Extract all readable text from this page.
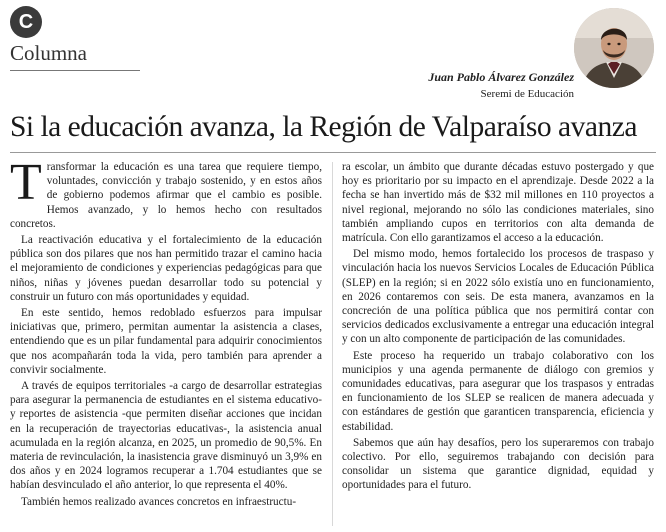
C
Columna
Juan Pablo Álvarez González
Seremi de Educación
Si la educación avanza, la Región de Valparaíso avanza

Transformar la educación es una tarea que requiere tiempo, voluntades, convicción y trabajo sostenido, y en estos años de gobierno podemos afirmar que el cambio es posible. Hemos avanzado, y lo hemos hecho con resultados concretos.

La reactivación educativa y el fortalecimiento de la educación pública son dos pilares que nos han permitido trazar el camino hacia el mejoramiento de condiciones y experiencias pedagógicas para que niños, niñas y jóvenes puedan desarrollar todo su potencial y construir un futuro con más oportunidades y equidad.

En este sentido, hemos redoblado esfuerzos para impulsar iniciativas que, primero, permitan aumentar la asistencia a clases, entendiendo que es un pilar fundamental para adquirir conocimientos que nos acompañarán toda la vida, pero también para aprender a convivir socialmente.

A través de equipos territoriales -a cargo de desarrollar estrategias para asegurar la permanencia de estudiantes en el sistema educativo- y reportes de asistencia -que permiten diseñar acciones que incidan en la recuperación de trayectorias educativas-, la asistencia anual acumulada en la región alcanza, en 2025, un promedio de 90,5%. En materia de revinculación, la inasistencia grave disminuyó un 3,9% en dos años y en 2024 logramos recuperar a 1.704 estudiantes que se habían desvinculado el año anterior, lo que representa el 40%.

También hemos realizado avances concretos en infraestructu-

ra escolar, un ámbito que durante décadas estuvo postergado y que hoy es prioritario por su impacto en el aprendizaje. Desde 2022 a la fecha se han invertido más de $32 mil millones en 110 proyectos a nivel regional, mejorando no sólo las condiciones materiales, sino también ampliando cupos en territorios con alta demanda de matrícula. Con ello garantizamos el acceso a la educación.

Del mismo modo, hemos fortalecido los procesos de traspaso y vinculación hacia los nuevos Servicios Locales de Educación Pública (SLEP) en la región; si en 2022 sólo existía uno en funcionamiento, en 2026 contaremos con seis. De esta manera, avanzamos en la concreción de una política pública que nos permitirá contar con servicios dedicados exclusivamente a entregar una educación integral y con un alto componente de participación de las comunidades.

Este proceso ha requerido un trabajo colaborativo con los municipios y una agenda permanente de diálogo con gremios y comunidades educativas, para asegurar que los traspasos y entradas en funcionamiento de los SLEP se realicen de manera adecuada y con estándares de gestión que garanticen transparencia, eficiencia y estabilidad.

Sabemos que aún hay desafíos, pero los superaremos con trabajo colectivo. Por ello, seguiremos trabajando con decisión para consolidar un sistema que garantice dignidad, equidad y oportunidades para el futuro.
